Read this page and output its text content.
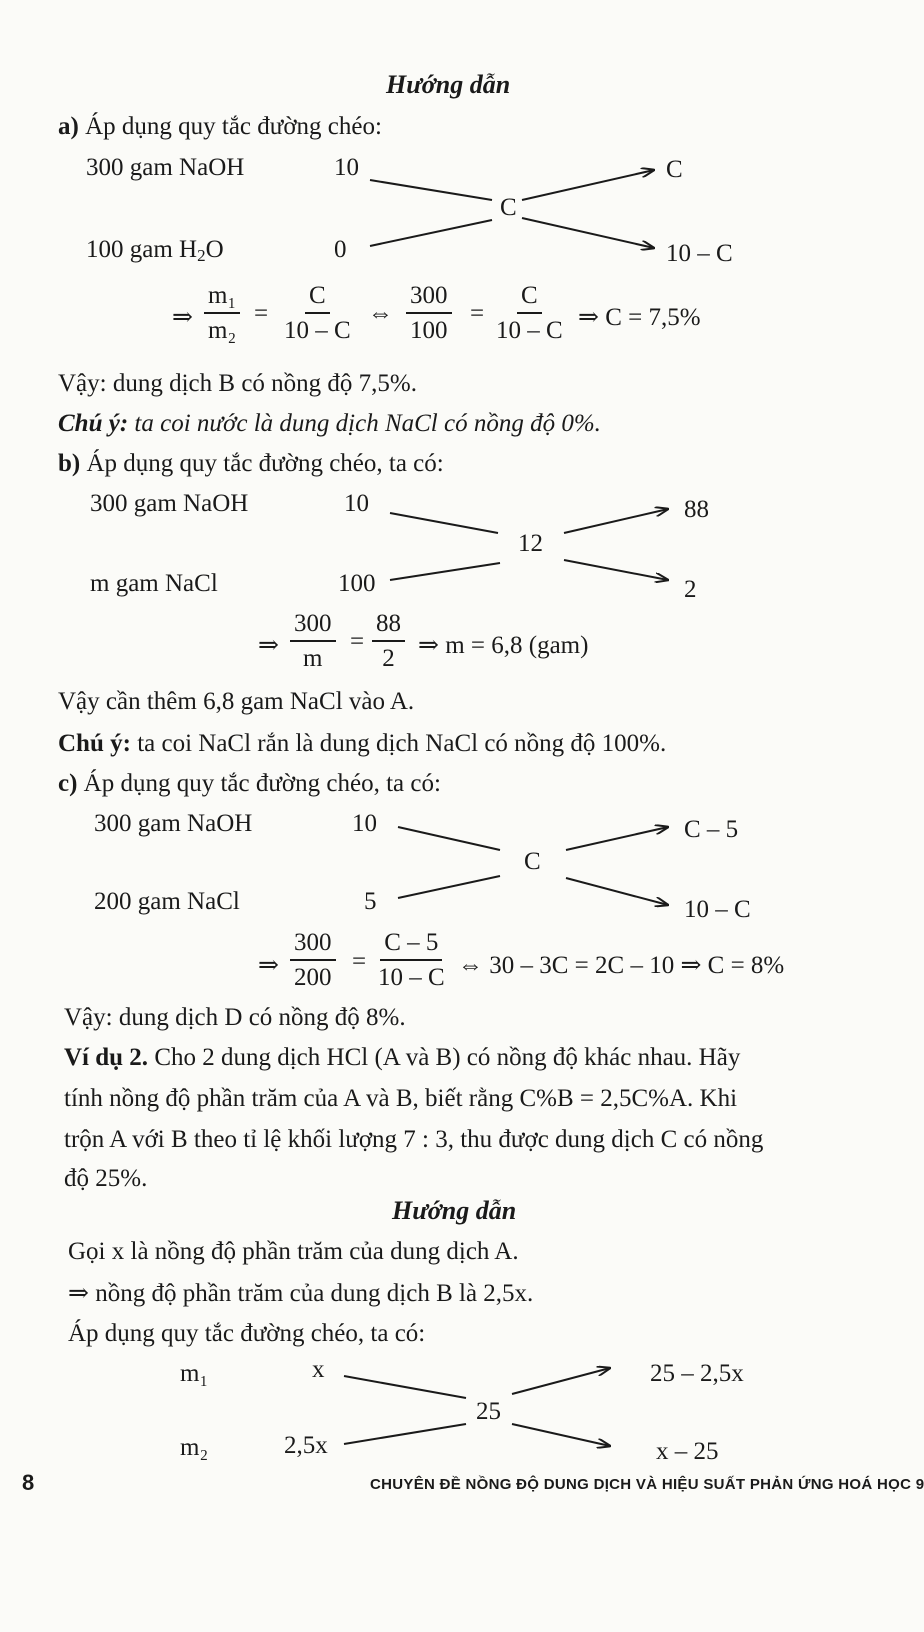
Hướng dẫn
a) Áp dụng quy tắc đường chéo:
300 gam NaOH	10
100 gam $H_2O$	0
C
C
10 – C
⇒ $\frac{\text{m₁}}{\text{m₂}} = \frac{C}{10 - C}$ ⇔ $\frac{300}{100} = \frac{C}{10 - C}$ ⇒ C = 7,5%
Vậy: dung dịch B có nồng độ 7,5%.
Chú ý: ta coi nước là dung dịch NaCl có nồng độ 0%.
b) Áp dụng quy tắc đường chéo, ta có:
300 gam NaOH	10
m gam NaCl	100
12
88
2
⇒ $\frac{300}{m} = \frac{88}{2}$ ⇒ m = 6,8 (gam)
Vậy cần thêm 6,8 gam NaCl vào A.
Chú ý: ta coi NaCl rắn là dung dịch NaCl có nồng độ 100%.
c) Áp dụng quy tắc đường chéo, ta có:
300 gam NaOH	10
200 gam NaCl	5
C
C – 5
10 – C
⇒ $\frac{300}{200} = \frac{C - 5}{10 - C}$ ⇔ 30 – 3C = 2C – 10 ⇒ C = 8%
Vậy: dung dịch D có nồng độ 8%.
Ví dụ 2. Cho 2 dung dịch HCl (A và B) có nồng độ khác nhau. Hãy
tính nồng độ phần trăm của A và B, biết rằng C%B = 2,5C%A. Khi
trộn A với B theo tỉ lệ khối lượng 7 : 3, thu được dung dịch C có nồng
độ 25%.
Hướng dẫn
Gọi x là nồng độ phần trăm của dung dịch A.
⇒ nồng độ phần trăm của dung dịch B là 2,5x.
Áp dụng quy tắc đường chéo, ta có:
m₁	x
m₂	2,5x
25
25 – 2,5x
x – 25
8	CHUYÊN ĐỀ NỒNG ĐỘ DUNG DỊCH VÀ HIỆU SUẤT PHẢN ỨNG HOÁ HỌC 9
